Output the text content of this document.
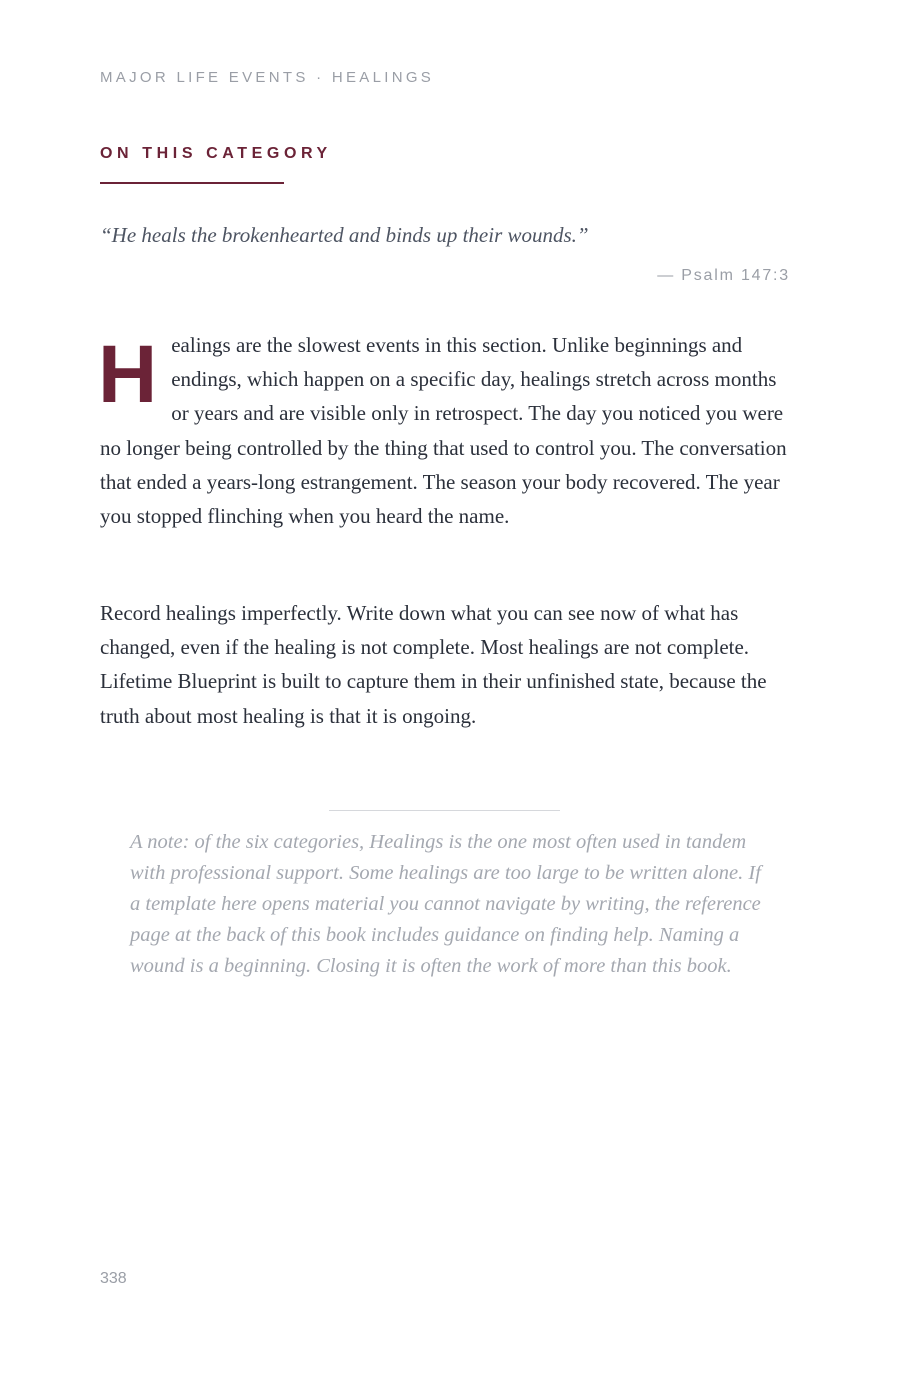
MAJOR LIFE EVENTS · HEALINGS
ON THIS CATEGORY
“He heals the brokenhearted and binds up their wounds.”
— Psalm 147:3

Healings are the slowest events in this section. Unlike beginnings and endings, which happen on a specific day, healings stretch across months or years and are visible only in retrospect. The day you noticed you were no longer being controlled by the thing that used to control you. The conversation that ended a years-long estrangement. The season your body recovered. The year you stopped flinching when you heard the name.

Record healings imperfectly. Write down what you can see now of what has changed, even if the healing is not complete. Most healings are not complete. Lifetime Blueprint is built to capture them in their unfinished state, because the truth about most healing is that it is ongoing.

A note: of the six categories, Healings is the one most often used in tandem with professional support. Some healings are too large to be written alone. If a template here opens material you cannot navigate by writing, the reference page at the back of this book includes guidance on finding help. Naming a wound is a beginning. Closing it is often the work of more than this book.

338
